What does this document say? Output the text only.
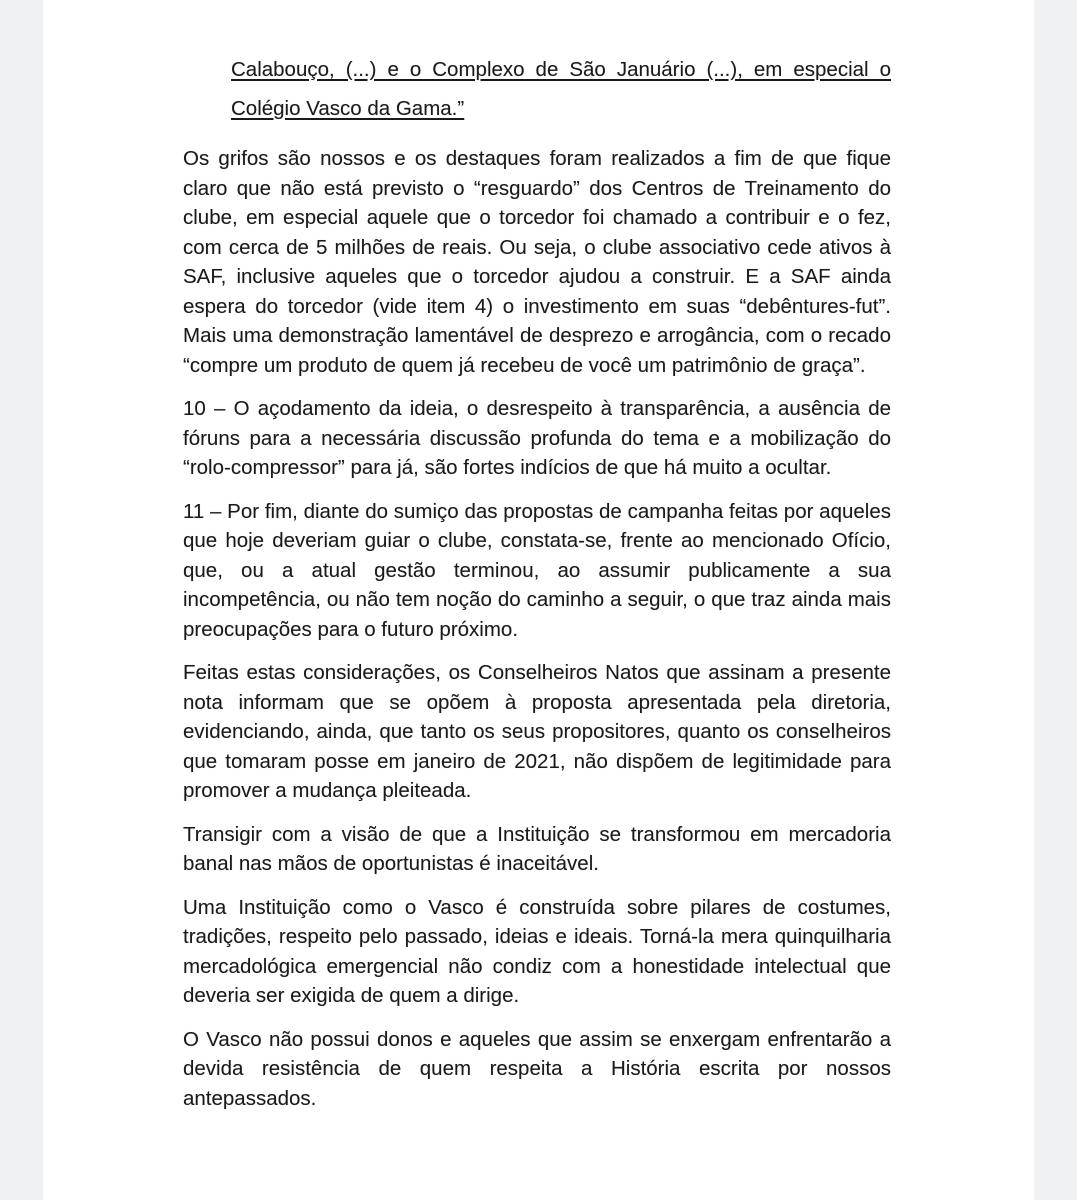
Calabouço, (...) e o Complexo de São Januário (...), em especial o Colégio Vasco da Gama.”

Os grifos são nossos e os destaques foram realizados a fim de que fique claro que não está previsto o “resguardo” dos Centros de Treinamento do clube, em especial aquele que o torcedor foi chamado a contribuir e o fez, com cerca de 5 milhões de reais. Ou seja, o clube associativo cede ativos à SAF, inclusive aqueles que o torcedor ajudou a construir. E a SAF ainda espera do torcedor (vide item 4) o investimento em suas “debêntures-fut”. Mais uma demonstração lamentável de desprezo e arrogância, com o recado “compre um produto de quem já recebeu de você um patrimônio de graça”.

10 – O açodamento da ideia, o desrespeito à transparência, a ausência de fóruns para a necessária discussão profunda do tema e a mobilização do “rolo-compressor” para já, são fortes indícios de que há muito a ocultar.

11 – Por fim, diante do sumiço das propostas de campanha feitas por aqueles que hoje deveriam guiar o clube, constata-se, frente ao mencionado Ofício, que, ou a atual gestão terminou, ao assumir publicamente a sua incompetência, ou não tem noção do caminho a seguir, o que traz ainda mais preocupações para o futuro próximo.

Feitas estas considerações, os Conselheiros Natos que assinam a presente nota informam que se opõem à proposta apresentada pela diretoria, evidenciando, ainda, que tanto os seus propositores, quanto os conselheiros que tomaram posse em janeiro de 2021, não dispõem de legitimidade para promover a mudança pleiteada.

Transigir com a visão de que a Instituição se transformou em mercadoria banal nas mãos de oportunistas é inaceitável.

Uma Instituição como o Vasco é construída sobre pilares de costumes, tradições, respeito pelo passado, ideias e ideais. Torná-la mera quinquilharia mercadológica emergencial não condiz com a honestidade intelectual que deveria ser exigida de quem a dirige.

O Vasco não possui donos e aqueles que assim se enxergam enfrentarão a devida resistência de quem respeita a História escrita por nossos antepassados.
